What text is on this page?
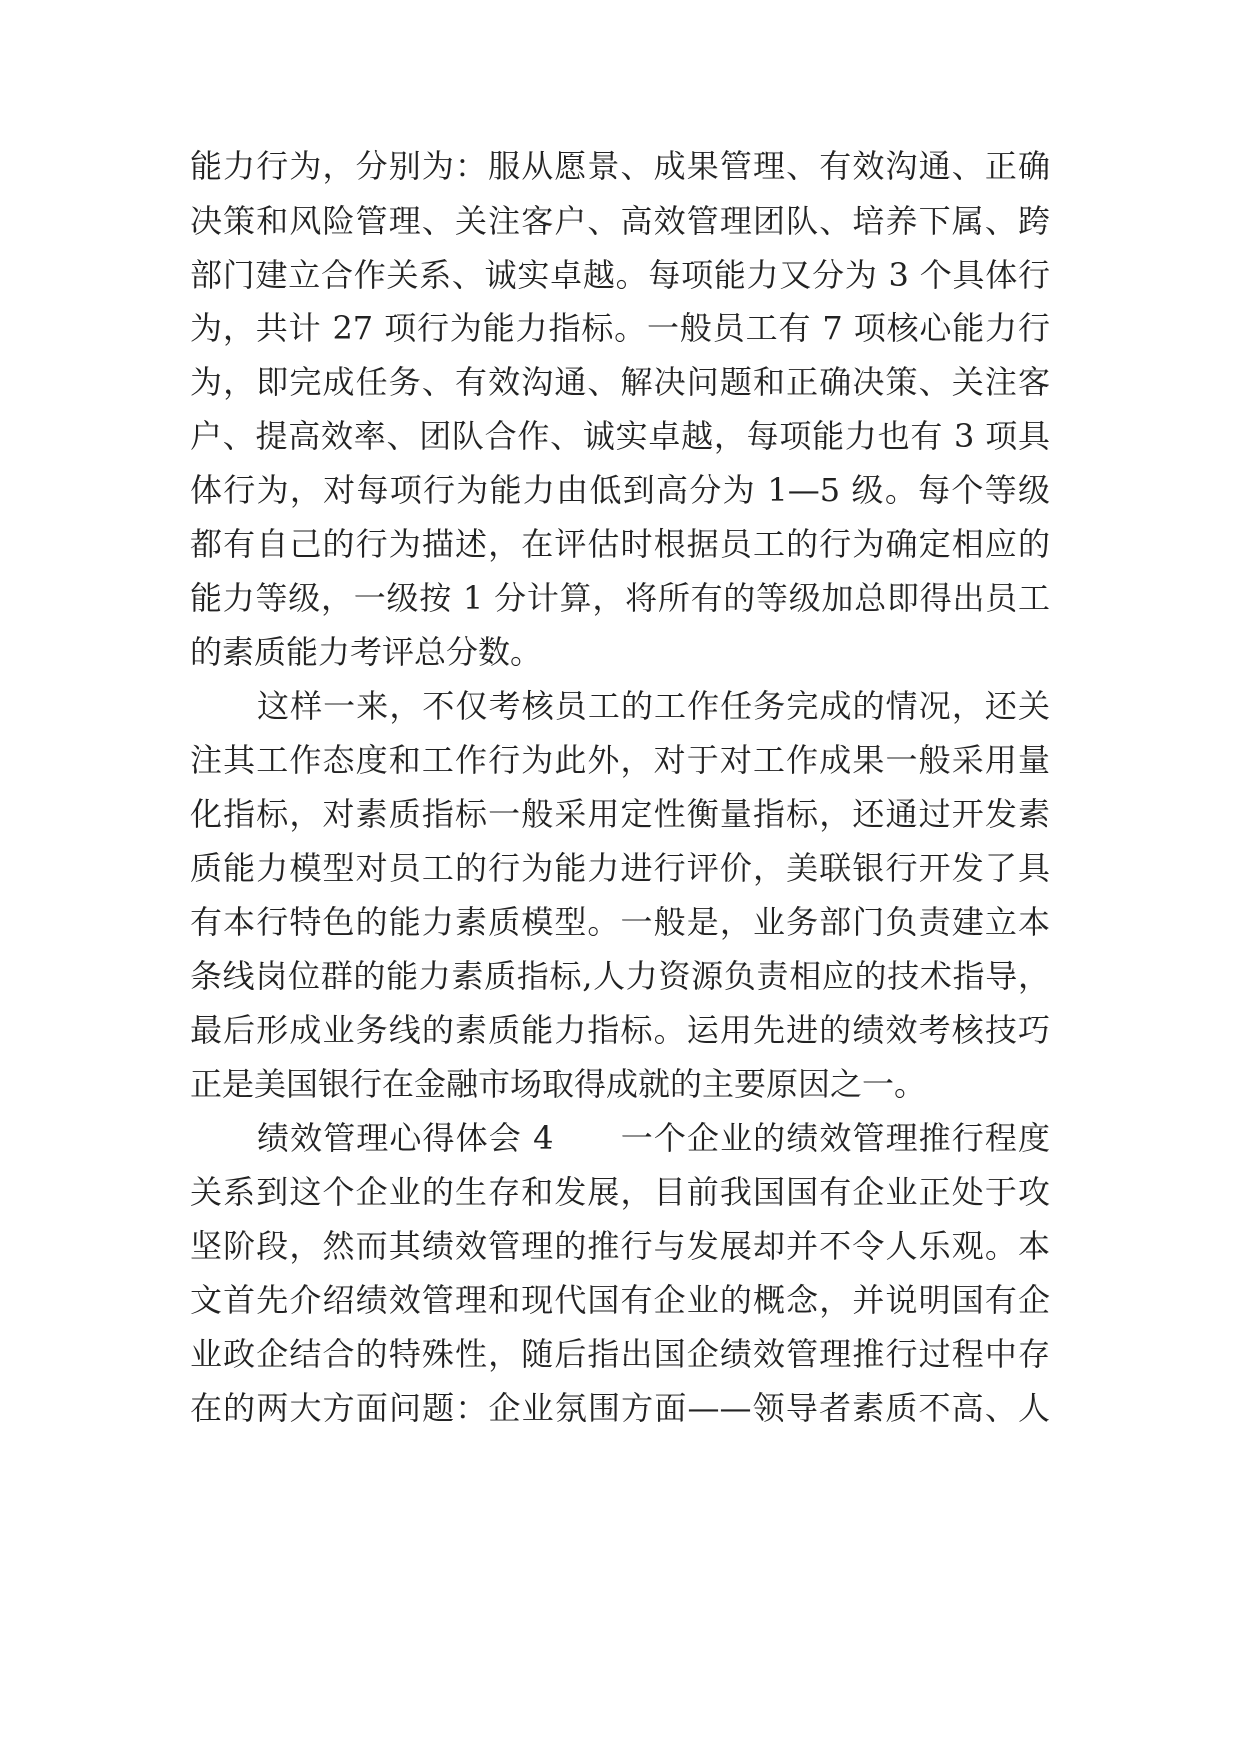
能力行为，分别为：服从愿景、成果管理、有效沟通、正确
决策和风险管理、关注客户、高效管理团队、培养下属、跨
部门建立合作关系、诚实卓越。每项能力又分为 3 个具体行
为，共计 27 项行为能力指标。一般员工有 7 项核心能力行
为，即完成任务、有效沟通、解决问题和正确决策、关注客
户、提高效率、团队合作、诚实卓越，每项能力也有 3 项具
体行为，对每项行为能力由低到高分为 1—5 级。每个等级
都有自己的行为描述，在评估时根据员工的行为确定相应的
能力等级，一级按 1 分计算，将所有的等级加总即得出员工
的素质能力考评总分数。
这样一来，不仅考核员工的工作任务完成的情况，还关
注其工作态度和工作行为此外，对于对工作成果一般采用量
化指标，对素质指标一般采用定性衡量指标，还通过开发素
质能力模型对员工的行为能力进行评价，美联银行开发了具
有本行特色的能力素质模型。一般是，业务部门负责建立本
条线岗位群的能力素质指标,人力资源负责相应的技术指导，
最后形成业务线的素质能力指标。运用先进的绩效考核技巧
正是美国银行在金融市场取得成就的主要原因之一。
绩效管理心得体会 4　　一个企业的绩效管理推行程度
关系到这个企业的生存和发展，目前我国国有企业正处于攻
坚阶段，然而其绩效管理的推行与发展却并不令人乐观。本
文首先介绍绩效管理和现代国有企业的概念，并说明国有企
业政企结合的特殊性，随后指出国企绩效管理推行过程中存
在的两大方面问题：企业氛围方面——领导者素质不高、人
